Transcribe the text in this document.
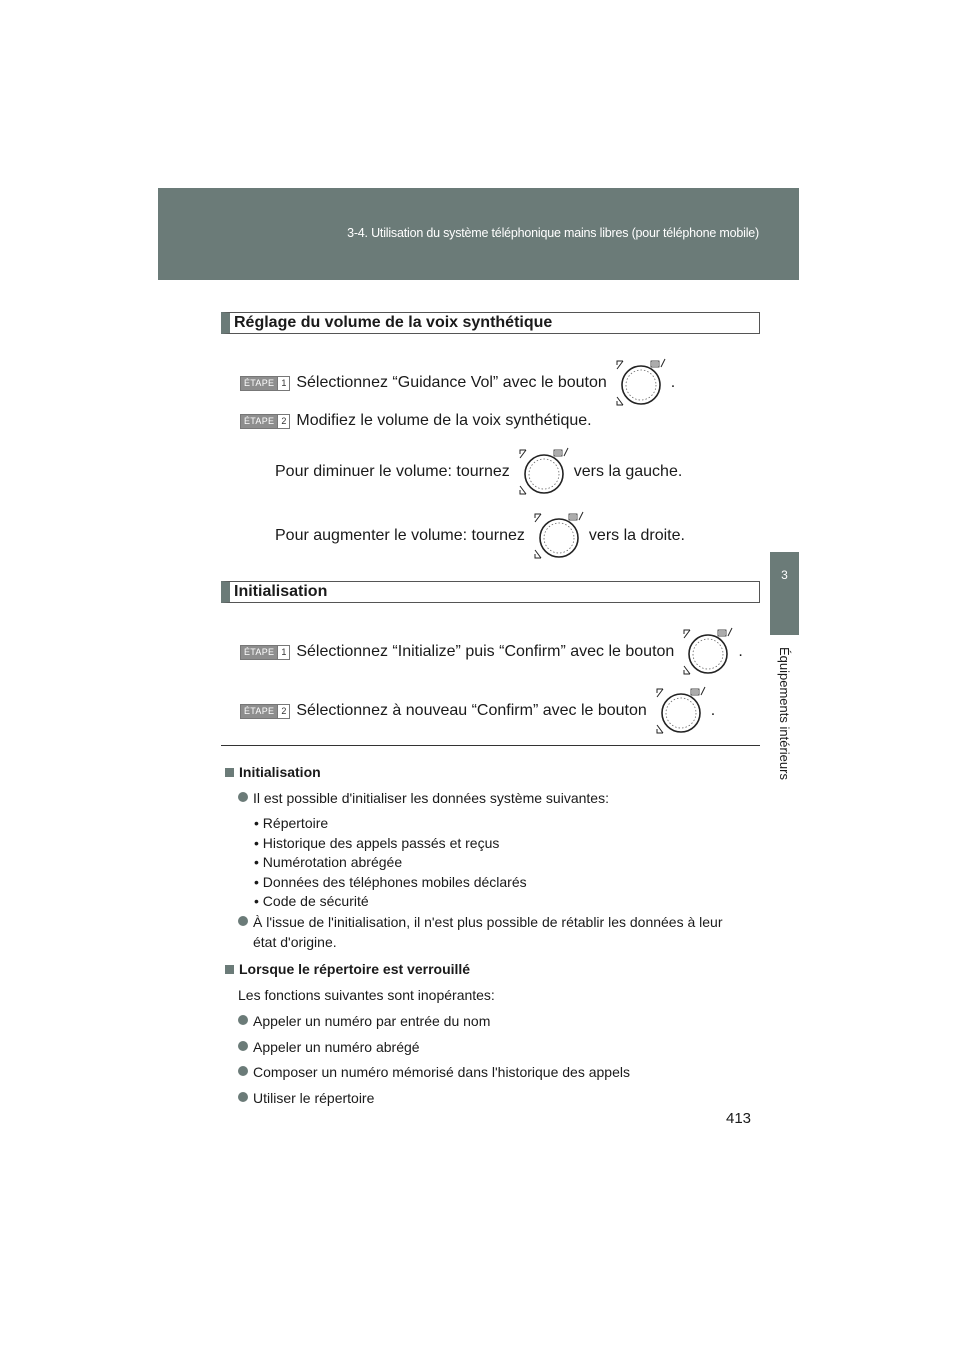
3-4. Utilisation du système téléphonique mains libres (pour téléphone mobile)
3
Équipements intérieurs
Réglage du volume de la voix synthétique
ÉTAPE 1 Sélectionnez “Guidance Vol” avec le bouton	.
ÉTAPE 2 Modifiez le volume de la voix synthétique.
Pour diminuer le volume: tournez	vers la gauche.
Pour augmenter le volume: tournez	vers la droite.
Initialisation
ÉTAPE 1 Sélectionnez “Initialize” puis “Confirm” avec le bouton	.
ÉTAPE 2 Sélectionnez à nouveau “Confirm” avec le bouton	.
Initialisation
Il est possible d'initialiser les données système suivantes:
• Répertoire
• Historique des appels passés et reçus
• Numérotation abrégée
• Données des téléphones mobiles déclarés
• Code de sécurité
À l'issue de l'initialisation, il n'est plus possible de rétablir les données à leur état d'origine.
Lorsque le répertoire est verrouillé
Les fonctions suivantes sont inopérantes:
Appeler un numéro par entrée du nom
Appeler un numéro abrégé
Composer un numéro mémorisé dans l'historique des appels
Utiliser le répertoire
413
